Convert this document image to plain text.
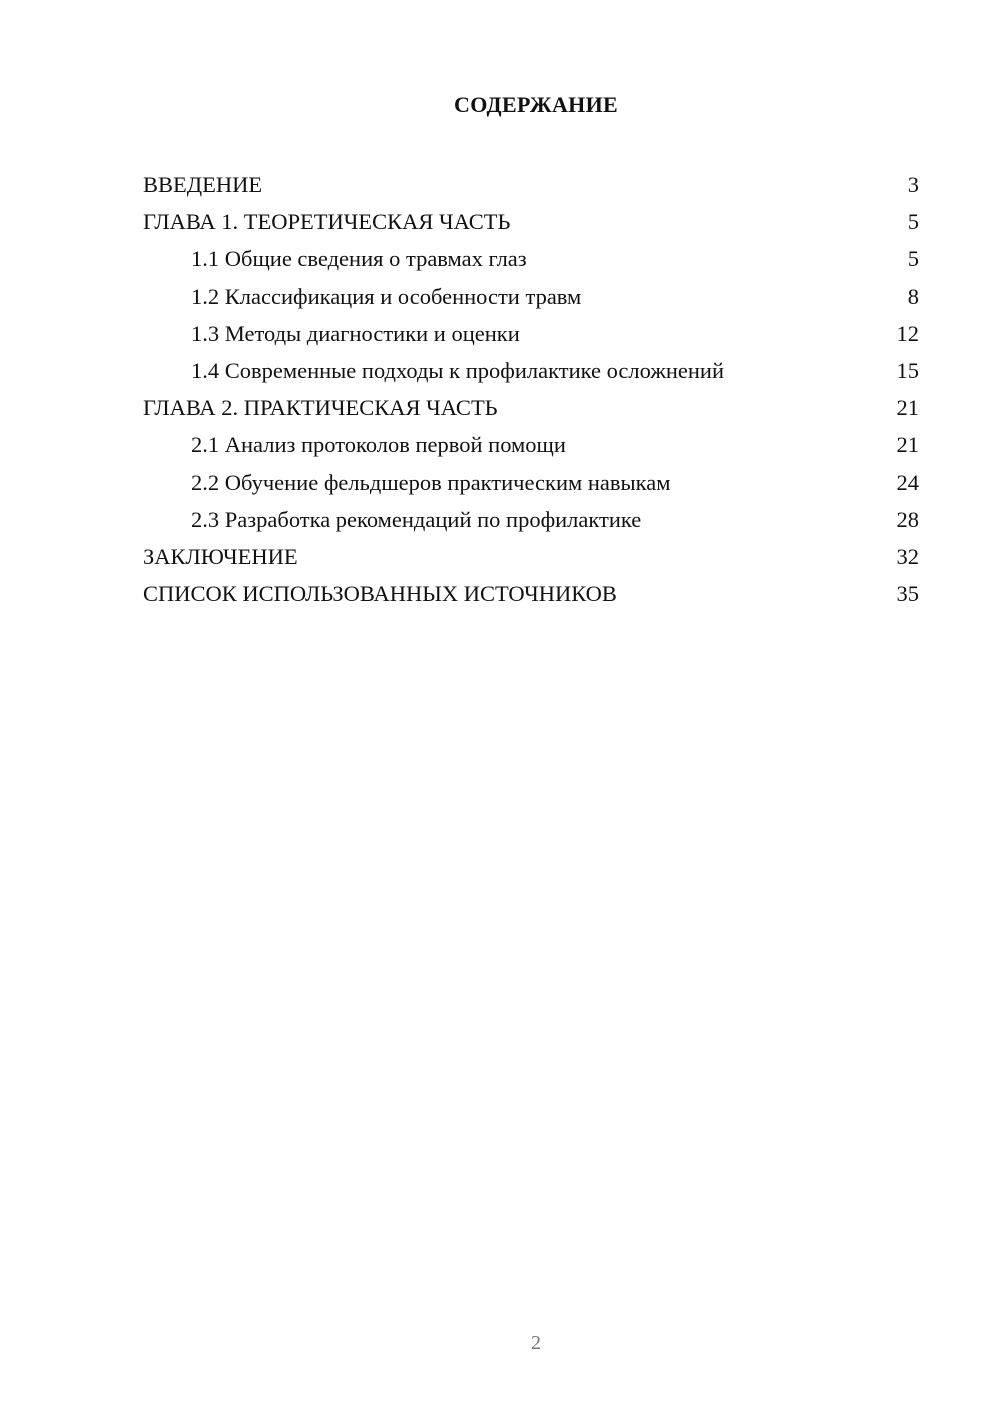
СОДЕРЖАНИЕ
ВВЕДЕНИЕ	3
ГЛАВА 1. ТЕОРЕТИЧЕСКАЯ ЧАСТЬ	5
1.1 Общие сведения о травмах глаз	5
1.2 Классификация и особенности травм	8
1.3 Методы диагностики и оценки	12
1.4 Современные подходы к профилактике осложнений	15
ГЛАВА 2. ПРАКТИЧЕСКАЯ ЧАСТЬ	21
2.1 Анализ протоколов первой помощи	21
2.2 Обучение фельдшеров практическим навыкам	24
2.3 Разработка рекомендаций по профилактике	28
ЗАКЛЮЧЕНИЕ	32
СПИСОК ИСПОЛЬЗОВАННЫХ ИСТОЧНИКОВ	35
2
